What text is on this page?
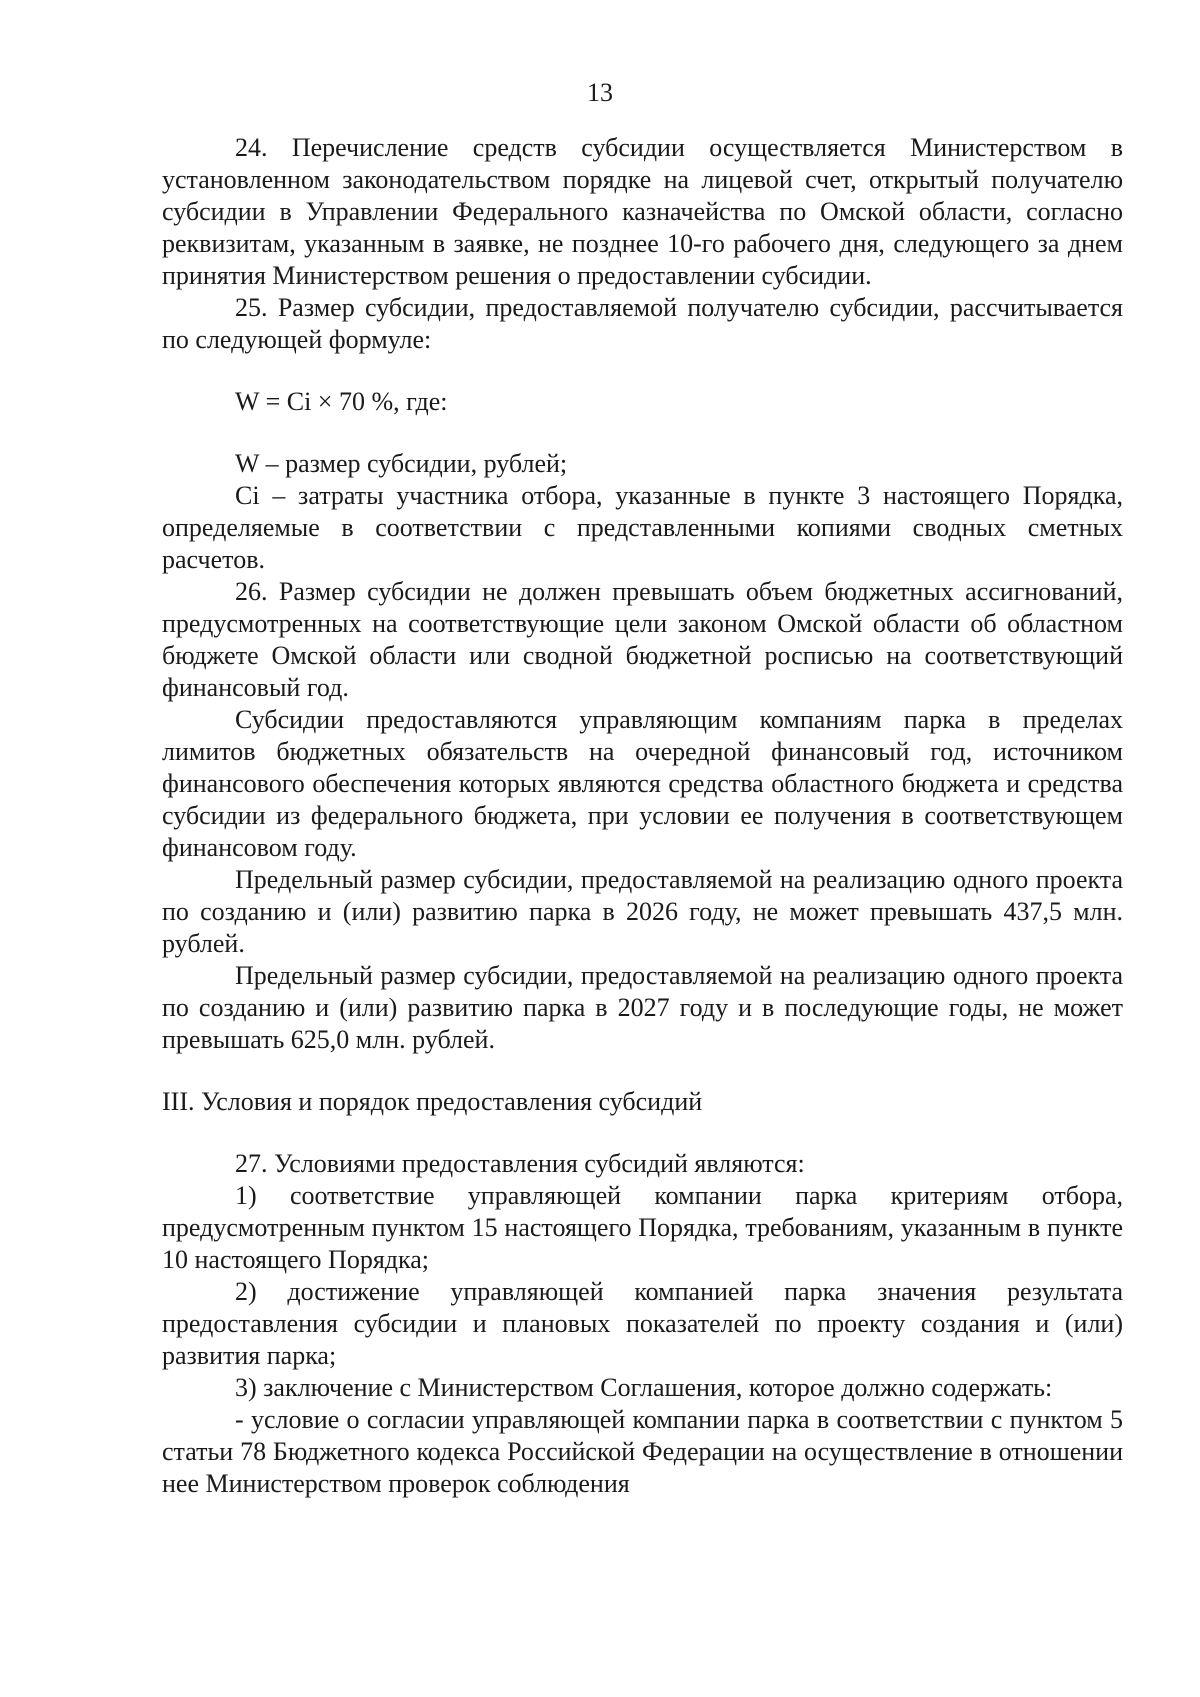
13

24. Перечисление средств субсидии осуществляется Министерством в установленном законодательством порядке на лицевой счет, открытый получателю субсидии в Управлении Федерального казначейства по Омской области, согласно реквизитам, указанным в заявке, не позднее 10-го рабочего дня, следующего за днем принятия Министерством решения о предоставлении субсидии.

25. Размер субсидии, предоставляемой получателю субсидии, рассчитывается по следующей формуле:

W = Ci × 70 %, где:

W – размер субсидии, рублей;

Ci – затраты участника отбора, указанные в пункте 3 настоящего Порядка, определяемые в соответствии с представленными копиями сводных сметных расчетов.

26. Размер субсидии не должен превышать объем бюджетных ассигнований, предусмотренных на соответствующие цели законом Омской области об областном бюджете Омской области или сводной бюджетной росписью на соответствующий финансовый год.

Субсидии предоставляются управляющим компаниям парка в пределах лимитов бюджетных обязательств на очередной финансовый год, источником финансового обеспечения которых являются средства областного бюджета и средства субсидии из федерального бюджета, при условии ее получения в соответствующем финансовом году.

Предельный размер субсидии, предоставляемой на реализацию одного проекта по созданию и (или) развитию парка в 2026 году, не может превышать 437,5 млн. рублей.

Предельный размер субсидии, предоставляемой на реализацию одного проекта по созданию и (или) развитию парка в 2027 году и в последующие годы, не может превышать 625,0 млн. рублей.

III. Условия и порядок предоставления субсидий

27. Условиями предоставления субсидий являются:

1) соответствие управляющей компании парка критериям отбора, предусмотренным пунктом 15 настоящего Порядка, требованиям, указанным в пункте 10 настоящего Порядка;

2) достижение управляющей компанией парка значения результата предоставления субсидии и плановых показателей по проекту создания и (или) развития парка;

3) заключение с Министерством Соглашения, которое должно содержать:

- условие о согласии управляющей компании парка в соответствии с пунктом 5 статьи 78 Бюджетного кодекса Российской Федерации на осуществление в отношении нее Министерством проверок соблюдения
